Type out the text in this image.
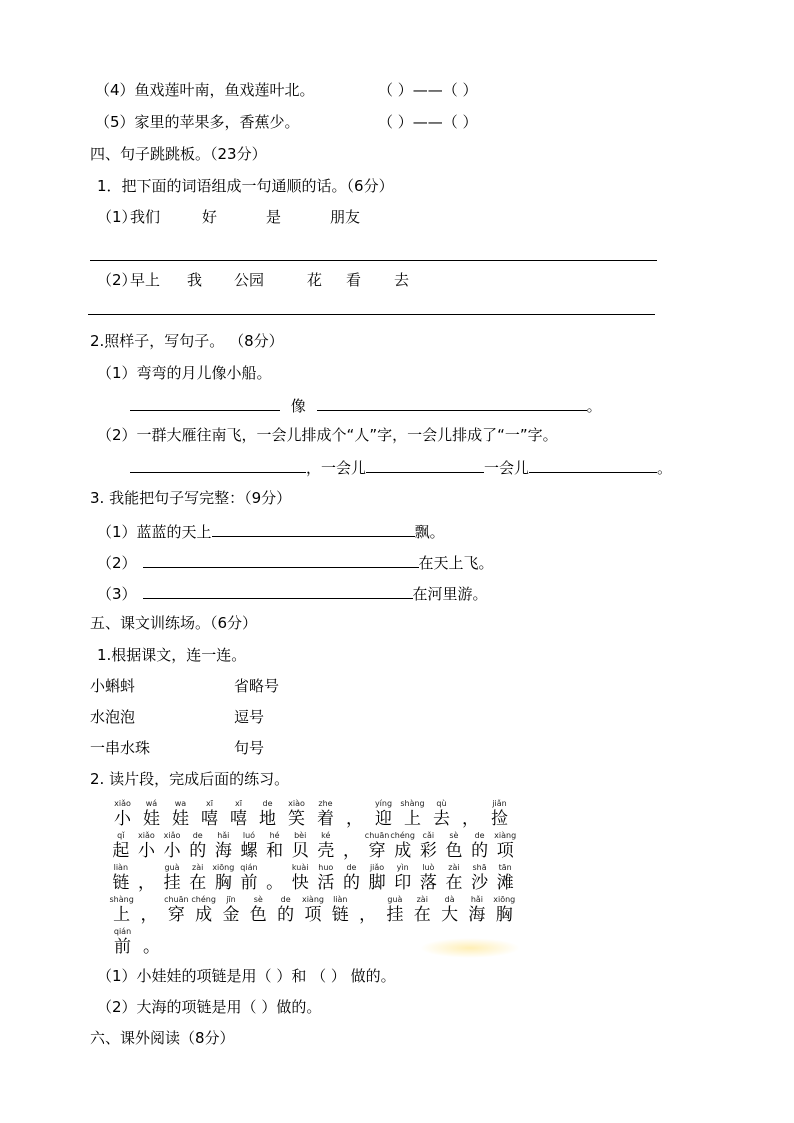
（4）鱼戏莲叶南，鱼戏莲叶北。	（ ）——（ ）
（5）家里的苹果多，香蕉少。	（ ）——（ ）
四、句子跳跳板。（23分）
1．把下面的词语组成一句通顺的话。（6分）
（1）
我们	好	是	朋友
（2）
早上 我 公园	花 看 去
2.照样子，写句子。 （8分）
（1）弯弯的月儿像小船。
像	。
（2）一群大雁往南飞，一会儿排成个“人”字，一会儿排成了“一”字。
，一会儿	一会儿	。
3. 我能把句子写完整：（9分）
（1）蓝蓝的天上	飘。
（2）	在天上飞。
（3）	在河里游。
五、课文训练场。（6分）
1.根据课文，连一连。
小蝌蚪	省略号
水泡泡	逗号
一串水珠	句号
2. 读片段，完成后面的练习。
xiǎo
小
wá
娃
wa
娃
xī
嘻
xī
嘻
de
地
xiào
笑
zhe
着 ，
yíng
迎
shàng
上
qù
去 ，
jiǎn
捡
qǐ
起
xiǎo
小
xiǎo
小
de
的
hǎi
海
luó
螺
hé
和
bèi
贝
ké
壳 ，
chuān
穿
chéng
成
cǎi
彩
sè
色
de
的
xiàng
项
liàn
链 ，
guà
挂
zài
在
xiōng
胸
qián
前 。
kuài
快
huo
活
de
的
jiǎo
脚
yìn
印
luò
落
zài
在
shā
沙
tān
滩
shàng
上 ，
chuān
穿
chéng
成
jīn
金
sè
色
de
的
xiàng
项
liàn
链 ，
guà
挂
zài
在
dà
大
hǎi
海
xiōng
胸
qián
前 。
（1）小娃娃的项链是用（ ）和 （ ） 做的。
（2）大海的项链是用（ ）做的。
六、课外阅读（8分）
